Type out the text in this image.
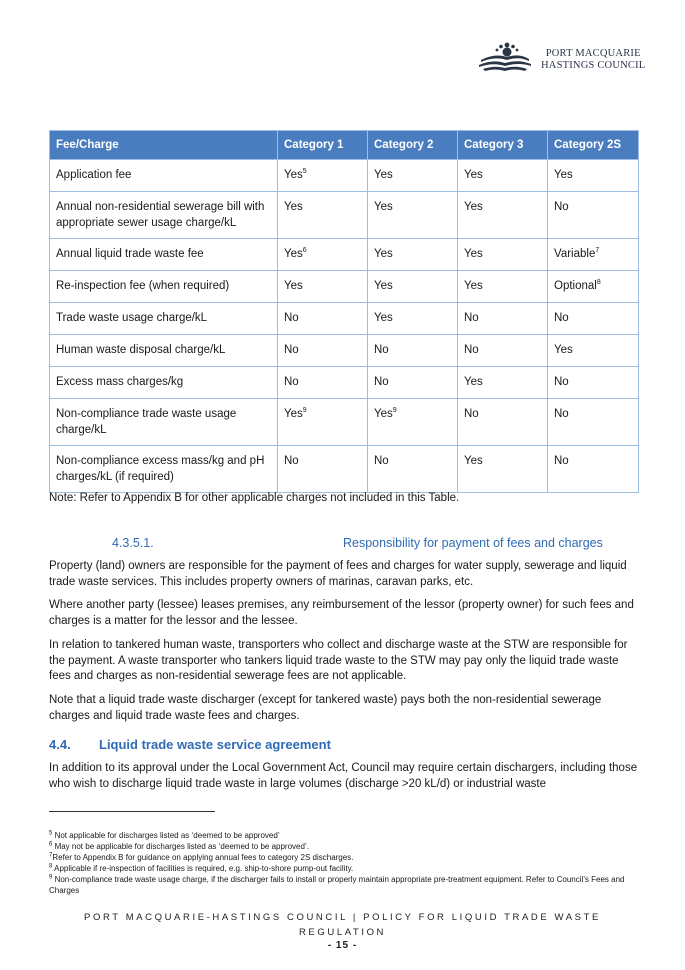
PORT MACQUARIE
HASTINGS COUNCIL
Fee/Charge	Category 1	Category 2	Category 3	Category 2S
Application fee	Yes$^5$	Yes	Yes	Yes
Annual non-residential sewerage bill with appropriate sewer usage charge/kL	Yes	Yes	Yes	No
Annual liquid trade waste fee	Yes$^6$	Yes	Yes	Variable$^7$
Re-inspection fee (when required)	Yes	Yes	Yes	Optional$^8$
Trade waste usage charge/kL	No	Yes	No	No
Human waste disposal charge/kL	No	No	No	Yes
Excess mass charges/kg	No	No	Yes	No
Non-compliance trade waste usage charge/kL	Yes$^9$	Yes$^9$	No	No
Non-compliance excess mass/kg and pH charges/kL (if required)	No	No	Yes	No
Note: Refer to Appendix B for other applicable charges not included in this Table.
4.3.5.1.	Responsibility for payment of fees and charges
Property (land) owners are responsible for the payment of fees and charges for water supply, sewerage and liquid trade waste services. This includes property owners of marinas, caravan parks, etc.
Where another party (lessee) leases premises, any reimbursement of the lessor (property owner) for such fees and charges is a matter for the lessor and the lessee.
In relation to tankered human waste, transporters who collect and discharge waste at the STW are responsible for the payment. A waste transporter who tankers liquid trade waste to the STW may pay only the liquid trade waste fees and charges as non-residential sewerage fees are not applicable.
Note that a liquid trade waste discharger (except for tankered waste) pays both the non-residential sewerage charges and liquid trade waste fees and charges.
4.4. Liquid trade waste service agreement
In addition to its approval under the Local Government Act, Council may require certain dischargers, including those who wish to discharge liquid trade waste in large volumes (discharge >20 kL/d) or industrial waste
$^5$ Not applicable for discharges listed as ‘deemed to be approved’
$^6$ May not be applicable for discharges listed as ‘deemed to be approved’.
$^7$Refer to Appendix B for guidance on applying annual fees to category 2S discharges.
$^8$ Applicable if re-inspection of facilities is required, e.g. ship-to-shore pump-out facility.
$^9$ Non-compliance trade waste usage charge, if the discharger fails to install or properly maintain appropriate pre-treatment equipment. Refer to Council’s Fees and Charges
PORT MACQUARIE-HASTINGS COUNCIL | POLICY FOR LIQUID TRADE WASTE REGULATION
- 15 -
